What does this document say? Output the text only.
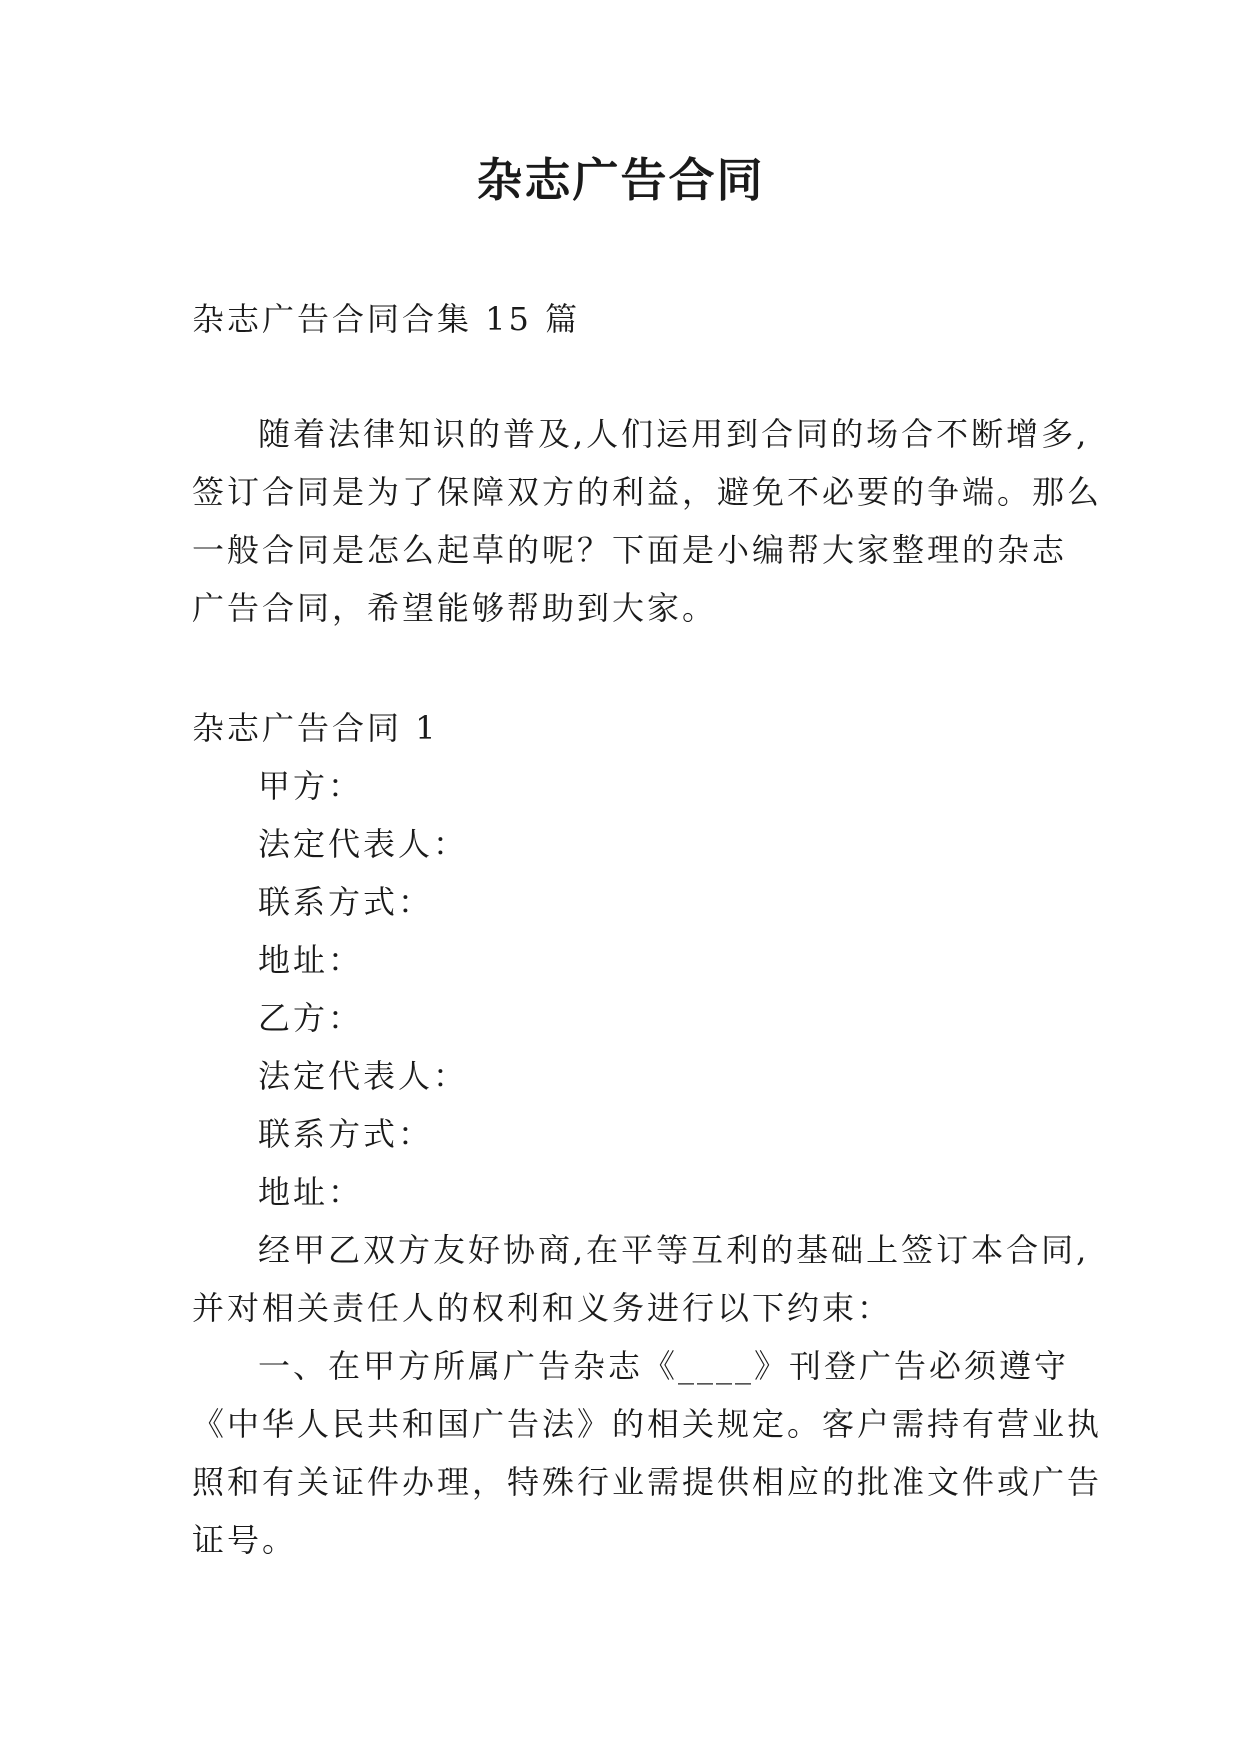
杂志广告合同
杂志广告合同合集 15 篇
随着法律知识的普及,人们运用到合同的场合不断增多,
签订合同是为了保障双方的利益，避免不必要的争端。那么
一般合同是怎么起草的呢？下面是小编帮大家整理的杂志
广告合同，希望能够帮助到大家。
杂志广告合同 1
甲方：
法定代表人：
联系方式：
地址：
乙方：
法定代表人：
联系方式：
地址：
经甲乙双方友好协商,在平等互利的基础上签订本合同,
并对相关责任人的权利和义务进行以下约束：
一、在甲方所属广告杂志《____》刊登广告必须遵守
《中华人民共和国广告法》的相关规定。客户需持有营业执
照和有关证件办理，特殊行业需提供相应的批准文件或广告
证号。
